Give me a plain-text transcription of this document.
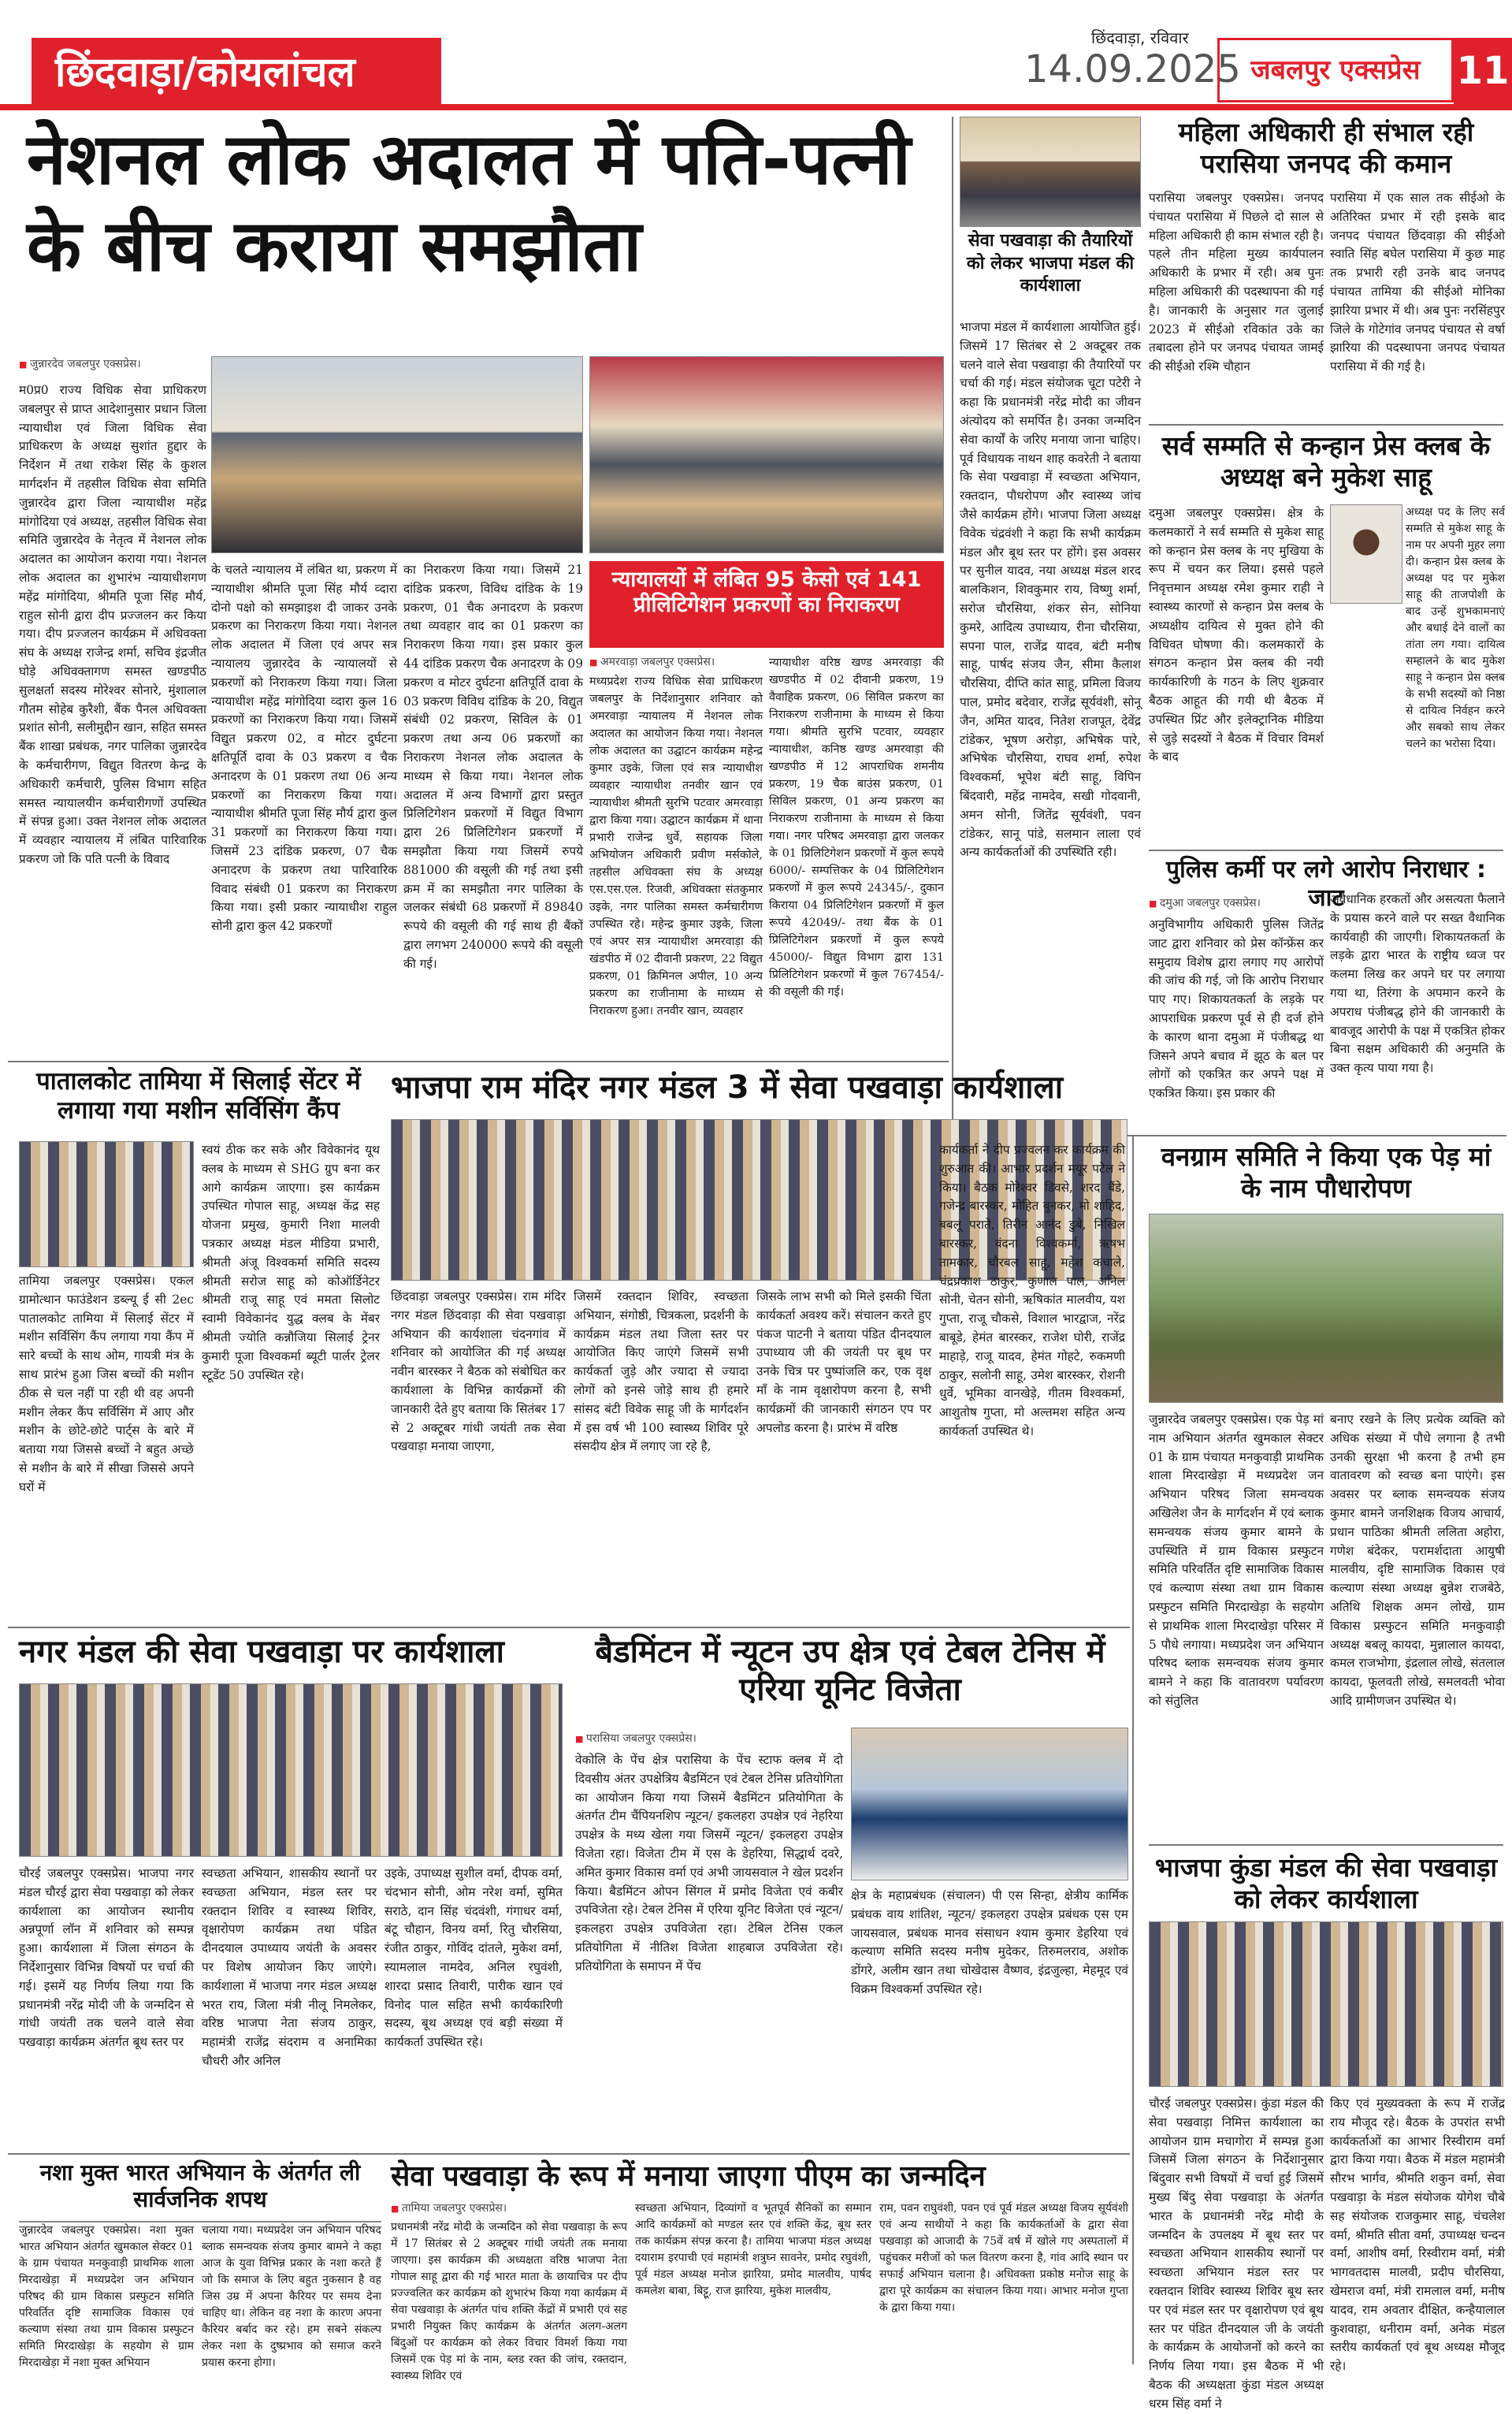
छिंदवाड़ा/कोयलांचल
छिंदवाड़ा, रविवार
14.09.2025 जबलपुर एक्सप्रेस 11
नेशनल लोक अदालत में पति-पत्नी के बीच कराया समझौता
■ जुन्नारदेव जबलपुर एक्सप्रेस।
म0प्र0 राज्य विधिक सेवा प्राधिकरण जबलपुर से प्राप्त आदेशानुसार प्रधान जिला न्यायाधीश एवं जिला विधिक सेवा प्राधिकरण के अध्यक्ष सुशांत हुद्दार के निर्देशन में तथा राकेश सिंह के कुशल मार्गदर्शन में तहसील विधिक सेवा समिति जुन्नारदेव द्वारा जिला न्यायाधीश महेंद्र मांगोदिया एवं अध्यक्ष, तहसील विधिक सेवा समिति जुन्नारदेव के नेतृत्व में नेशनल लोक अदालत का आयोजन कराया गया। नेशनल लोक अदालत का शुभारंभ न्यायाधीशगण महेंद्र मांगोदिया, श्रीमति पूजा सिंह मौर्य, राहुल सोनी द्वारा दीप प्रज्जलन कर किया गया। दीप प्रज्जलन कार्यक्रम में अधिवक्ता संघ के अध्यक्ष राजेन्द्र शर्मा, सचिव इंद्रजीत घोड़े अधिवक्तागण समस्त खण्डपीठ सुलक्षर्ता सदस्य मोरेश्वर सोनारे, मुंशालाल गौतम सोहेब कुरैशी, बैंक पैनल अधिवक्ता प्रशांत सोनी, सलीमुद्दीन खान, सहित समस्त बैंक शाखा प्रबंधक, नगर पालिका जुन्नारदेव के कर्मचारीगण, विद्युत वितरण केन्द्र के अधिकारी कर्मचारी, पुलिस विभाग सहित समस्त न्यायालयीन कर्मचारीगणों उपस्थित में संपन्न हुआ। उक्त नेशनल लोक अदालत में व्यवहार न्यायालय में लंबित पारिवारिक प्रकरण जो कि पति पत्नी के विवाद
के चलते न्यायालय में लंबित था, प्रकरण में न्यायाधीश श्रीमति पूजा सिंह मौर्य व्दारा दोनो पक्षो को समझाइश दी जाकर उनके प्रकरण का निराकरण किया गया। नेशनल लोक अदालत में जिला एवं अपर सत्र न्यायालय जुन्नारदेव के न्यायालयों से प्रकरणों को निराकरण किया गया। जिला न्यायाधीश महेंद्र मांगोदिया व्दारा कुल 16 प्रकरणों का निराकरण किया गया। जिसमें विद्युत प्रकरण 02, व मोटर दुर्घटना क्षतिपूर्ति दावा के 03 प्रकरण व चैक अनादरण के 01 प्रकरण तथा 06 अन्य प्रकरणों का निराकरण किया गया। न्यायाधीश श्रीमति पूजा सिंह मौर्य द्वारा कुल 31 प्रकरणों का निराकरण किया गया। जिसमें 23 दांडिक प्रकरण, 07 चैक अनादरण के प्रकरण तथा पारिवारिक विवाद संबंधी 01 प्रकरण का निराकरण किया गया। इसी प्रकार न्यायाधीश राहुल सोनी द्वारा कुल 42 प्रकरणों
का निराकरण किया गया। जिसमें 21 दांडिक प्रकरण, विविध दांडिक के 19 प्रकरण, 01 चैक अनादरण के प्रकरण तथा व्यवहार वाद का 01 प्रकरण का निराकरण किया गया। इस प्रकार कुल 44 दांडिक प्रकरण चैक अनादरण के 09 प्रकरण व मोटर दुर्घटना क्षतिपूर्ति दावा के 03 प्रकरण विविध दांडिक के 20, विद्युत संबंधी 02 प्रकरण, सिविल के 01 प्रकरण तथा अन्य 06 प्रकरणों का निराकरण नेशनल लोक अदालत के माध्यम से किया गया। नेशनल लोक अदालत में अन्य विभागों द्वारा प्रस्तुत प्रिलिटिगेशन प्रकरणों में विद्युत विभाग द्वारा 26 प्रिलिटिगेशन प्रकरणों में समझौता किया गया जिसमें रुपये 881000 की वसूली की गई तथा इसी क्रम में का समझौता नगर पालिका के जलकर संबंधी 68 प्रकरणों में 89840 रूपये की वसूली की गई साथ ही बैंकों द्वारा लगभग 240000 रूपये की वसूली की गई।
न्यायालयों में लंबित 95 केसो एवं 141 प्रीलिटिगेशन प्रकरणों का निराकरण
■ अमरवाड़ा जबलपुर एक्सप्रेस।
मध्यप्रदेश राज्य विधिक सेवा प्राधिकरण जबलपुर के निर्देशानुसार शनिवार को अमरवाड़ा न्यायालय में नेशनल लोक अदालत का आयोजन किया गया। नेशनल लोक अदालत का उद्घाटन कार्यक्रम महेन्द्र कुमार उइके, जिला एवं सत्र न्यायाधीश व्यवहार न्यायाधीश तनवीर खान एवं न्यायाधीश श्रीमती सुरभि पटवार अमरवाड़ा द्वारा किया गया। उद्घाटन कार्यक्रम में थाना प्रभारी राजेन्द्र धुर्वे, सहायक जिला अभियोजन अधिकारी प्रवीण मर्सकोले, तहसील अधिवक्ता संघ के अध्यक्ष एस.एस.एल. रिजवी, अधिवक्ता संतकुमार उइके, नगर पालिका समस्त कर्मचारीगण उपस्थित रहे। महेन्द्र कुमार उइके, जिला एवं अपर सत्र न्यायाधीश अमरवाड़ा की खंडपीठ में 02 दीवानी प्रकरण, 22 विद्युत प्रकरण, 01 क्रिमिनल अपील, 10 अन्य प्रकरण का राजीनामा के माध्यम से निराकरण हुआ। तनवीर खान, व्यवहार
न्यायाधीश वरिष्ठ खण्ड अमरवाड़ा की खण्डपीठ में 02 दीवानी प्रकरण, 19 वैवाहिक प्रकरण, 06 सिविल प्रकरण का निराकरण राजीनामा के माध्यम से किया गया। श्रीमति सुरभि पटवार, व्यवहार न्यायाधीश, कनिष्ठ खण्ड अमरवाड़ा की खण्डपीठ में 12 आपराधिक शमनीय प्रकरण, 19 चैक बाउंस प्रकरण, 01 सिविल प्रकरण, 01 अन्य प्रकरण का निराकरण राजीनामा के माध्यम से किया गया। नगर परिषद अमरवाड़ा द्वारा जलकर के 01 प्रिलिटिगेशन प्रकरणों में कुल रूपये 6000/- सम्पत्तिकर के 04 प्रिलिटिगेशन प्रकरणों में कुल रूपये 24345/-, दुकान किराया 04 प्रिलिटिगेशन प्रकरणों में कुल रूपये 42049/- तथा बैंक के 01 प्रिलिटिगेशन प्रकरणों में कुल रूपये 45000/- विद्युत विभाग द्वारा 131 प्रिलिटिगेशन प्रकरणों में कुल 767454/- की वसूली की गई।
सेवा पखवाड़ा की तैयारियों को लेकर भाजपा मंडल की कार्यशाला
भाजपा मंडल में कार्यशाला आयोजित हुई। जिसमें 17 सितंबर से 2 अक्टूबर तक चलने वाले सेवा पखवाड़ा की तैयारियों पर चर्चा की गई। मंडल संयोजक चूटा पटेरी ने कहा कि प्रधानमंत्री नरेंद्र मोदी का जीवन अंत्योदय को समर्पित है। उनका जन्मदिन सेवा कार्यों के जरिए मनाया जाना चाहिए। पूर्व विधायक नाथन शाह कवरेती ने बताया कि सेवा पखवाड़ा में स्वच्छता अभियान, रक्तदान, पौधरोपण और स्वास्थ्य जांच जैसे कार्यक्रम होंगे। भाजपा जिला अध्यक्ष विवेक चंद्रवंशी ने कहा कि सभी कार्यक्रम मंडल और बूथ स्तर पर होंगे। इस अवसर पर सुनील यादव, नया अध्यक्ष मंडल शरद बालकिशन, शिवकुमार राय, विष्णु शर्मा, सरोज चौरसिया, शंकर सेन, सोनिया कुमरे, आदित्य उपाध्याय, रीना चौरसिया, सपना पाल, राजेंद्र यादव, बंटी मनीष साहू, पार्षद संजय जैन, सीमा कैलाश चौरसिया, दीप्ति कांत साहू, प्रमिला विजय पाल, प्रमोद बदेवार, राजेंद्र सूर्यवंशी, सोनू जैन, अमित यादव, नितेश राजपूत, देवेंद्र टांडेकर, भूषण अरोड़ा, अभिषेक पारे, अभिषेक चौरसिया, राघव शर्मा, रुपेश विश्वकर्मा, भूपेश बंटी साहू, विपिन बिंदवारी, महेंद्र नामदेव, सखी गोदवानी, अमन सोनी, जितेंद्र सूर्यवंशी, पवन टांडेकर, सानू पांडे, सलमान लाला एवं अन्य कार्यकर्ताओं की उपस्थिति रही।
महिला अधिकारी ही संभाल रही परासिया जनपद की कमान
परासिया जबलपुर एक्सप्रेस। जनपद पंचायत परासिया में पिछले दो साल से महिला अधिकारी ही काम संभाल रही है। पहले तीन महिला मुख्य कार्यपालन अधिकारी के प्रभार में रही। अब पुनः महिला अधिकारी की पदस्थापना की गई है। जानकारी के अनुसार गत जुलाई 2023 में सीईओ रविकांत उके का तबादला होने पर जनपद पंचायत जामई की सीईओ रश्मि चौहान
परासिया में एक साल तक सीईओ के अतिरिक्त प्रभार में रही इसके बाद जनपद पंचायत छिंदवाड़ा की सीईओ स्वाति सिंह बघेल परासिया में कुछ माह तक प्रभारी रही उनके बाद जनपद पंचायत तामिया की सीईओ मोनिका झारिया प्रभार में थी। अब पुनः नरसिंहपुर जिले के गोटेगांव जनपद पंचायत से वर्षा झारिया की पदस्थापना जनपद पंचायत परासिया में की गई है।
सर्व सम्मति से कन्हान प्रेस क्लब के अध्यक्ष बने मुकेश साहू
दमुआ जबलपुर एक्सप्रेस। क्षेत्र के कलमकारों ने सर्व सम्मति से मुकेश साहू को कन्हान प्रेस क्लब के नए मुखिया के रूप में चयन कर लिया। इससे पहले निवृत्तमान अध्यक्ष रमेश कुमार राही ने स्वास्थ्य कारणों से कन्हान प्रेस क्लब के अध्यक्षीय दायित्व से मुक्त होने की विधिवत घोषणा की। कलमकारों के संगठन कन्हान प्रेस क्लब की नयी कार्यकारिणी के गठन के लिए शुक्रवार बैठक आहूत की गयी थी बैठक में उपस्थित प्रिंट और इलेक्ट्रानिक मीडिया से जुड़े सदस्यों ने बैठक में विचार विमर्श के बाद
अध्यक्ष पद के लिए सर्व सम्मति से मुकेश साहू के नाम पर अपनी मुहर लगा दी। कन्हान प्रेस क्लब के अध्यक्ष पद पर मुकेश साहू की ताजपोशी के बाद उन्हें शुभकामनाएं और बधाई देने वालों का तांता लग गया। दायित्व सम्हालने के बाद मुकेश साहू ने कन्हान प्रेस क्लब के सभी सदस्यों को निष्ठा से दायित्व निर्वहन करने और सबको साथ लेकर चलने का भरोसा दिया।
पुलिस कर्मी पर लगे आरोप निराधार : जाट
■ दमुआ जबलपुर एक्सप्रेस।
अनुविभागीय अधिकारी पुलिस जितेंद्र जाट द्वारा शनिवार को प्रेस कॉन्फ्रेंस कर समुदाय विशेष द्वारा लगाए गए आरोपों की जांच की गई, जो कि आरोप निराधार पाए गए। शिकायतकर्ता के लड़के पर आपराधिक प्रकरण पूर्व से ही दर्ज होने के कारण थाना दमुआ में पंजीबद्ध था जिसने अपने बचाव में झूठ के बल पर लोगों को एकत्रित कर अपने पक्ष में एकत्रित किया। इस प्रकार की
अवैधानिक हरकतों और असत्यता फैलाने के प्रयास करने वाले पर सख्त वैधानिक कार्यवाही की जाएगी। शिकायतकर्ता के लड़के द्वारा भारत के राष्ट्रीय ध्वज पर कलमा लिख कर अपने घर पर लगाया गया था, तिरंगा के अपमान करने के अपराध पंजीबद्ध होने की जानकारी के बावजूद आरोपी के पक्ष में एकत्रित होकर बिना सक्षम अधिकारी की अनुमति के उक्त कृत्य पाया गया है।
पातालकोट तामिया में सिलाई सेंटर में लगाया गया मशीन सर्विसिंग कैंप
तामिया जबलपुर एक्सप्रेस। एकल ग्रामोत्थान फाउंडेशन डब्ल्यू ई सी 2ec पातालकोट तामिया में सिलाई सेंटर में मशीन सर्विसिंग कैंप लगाया गया कैंप में सारे बच्चों के साथ ओम, गायत्री मंत्र के साथ प्रारंभ हुआ जिस बच्चों की मशीन ठीक से चल नहीं पा रही थी वह अपनी मशीन लेकर कैंप सर्विसिंग में आए और मशीन के छोटे-छोटे पार्ट्स के बारे में बताया गया जिससे बच्चों ने बहुत अच्छे से मशीन के बारे में सीखा जिससे अपने घरों में
स्वयं ठीक कर सके और विवेकानंद यूथ क्लब के माध्यम से SHG ग्रुप बना कर आगे कार्यक्रम जाएगा। इस कार्यक्रम उपस्थित गोपाल साहू, अध्यक्ष केंद्र सह योजना प्रमुख, कुमारी निशा मालवी पत्रकार अध्यक्ष मंडल मीडिया प्रभारी, श्रीमती अंजू विश्वकर्मा समिति सदस्य श्रीमती सरोज साहू को कोऑर्डिनेटर श्रीमती राजू साहू एवं ममता सिलोट स्वामी विवेकानंद युद्ध क्लब के मेंबर श्रीमती ज्योति कन्नौजिया सिलाई ट्रेनर कुमारी पूजा विश्वकर्मा ब्यूटी पार्लर ट्रेलर स्टूडेंट 50 उपस्थित रहे।
भाजपा राम मंदिर नगर मंडल 3 में सेवा पखवाड़ा कार्यशाला
छिंदवाड़ा जबलपुर एक्सप्रेस। राम मंदिर नगर मंडल छिंदवाड़ा की सेवा पखवाड़ा अभियान की कार्यशाला चंदनगांव में शनिवार को आयोजित की गई अध्यक्ष नवीन बारस्कर ने बैठक को संबोधित कर कार्यशाला के विभिन्न कार्यक्रमों की जानकारी देते हुए बताया कि सितंबर 17 से 2 अक्टूबर गांधी जयंती तक सेवा पखवाड़ा मनाया जाएगा,
जिसमें रक्तदान शिविर, स्वच्छता अभियान, संगोष्ठी, चित्रकला, प्रदर्शनी के कार्यक्रम मंडल तथा जिला स्तर पर आयोजित किए जाएंगे जिसमें सभी कार्यकर्ता जुड़े और ज्यादा से ज्यादा लोगों को इनसे जोड़े साथ ही हमारे सांसद बंटी विवेक साहू जी के मार्गदर्शन में इस वर्ष भी 100 स्वास्थ्य शिविर पूरे संसदीय क्षेत्र में लगाए जा रहे है,
जिसके लाभ सभी को मिले इसकी चिंता कार्यकर्ता अवश्य करें। संचालन करते हुए पंकज पाटनी ने बताया पंडित दीनदयाल उपाध्याय जी की जयंती पर बूथ पर उनके चित्र पर पुष्पांजलि कर, एक वृक्ष माँ के नाम वृक्षारोपण करना है, सभी कार्यक्रमों की जानकारी संगठन एप पर अपलोड करना है। प्रारंभ में वरिष्ठ
कार्यकर्ता ने दीप प्रज्वलन कर कार्यक्रम की शुरुआत की। आभार प्रदर्शन मयूर पटेल ने किया। बैठक मोरेश्वर डिवसे, शरद बैंडे, गजेन्द्र बारस्कर, मोहित बुनकर, मो शाहिद, बबलू पराते, तिरीन आनंद डुबे, निखिल बारस्कर, वंदना विश्वकर्मा, ऋषभ तामकार, चौरबल साहू, महेश कचाले, चंद्रप्रकाश ठाकुर, कुणाल पाल, अनिल सोनी, चेतन सोनी, ऋषिकांत मालवीय, यश गुप्ता, राजू चौकसे, विशाल भारद्वाज, नरेंद्र बाबूडे, हेमंत बारस्कर, राजेश घोरी, राजेंद्र माहाड़े, राजू यादव, हेमंत गोहटे, रुकमणी ठाकुर, सलोनी साहू, उमेश बारस्कर, रोशनी धुर्वे, भूमिका वानखेड़े, गीतम विश्वकर्मा, आशुतोष गुप्ता, मो अल्तमश सहित अन्य कार्यकर्ता उपस्थित थे।
वनग्राम समिति ने किया एक पेड़ मां के नाम पौधारोपण
जुन्नारदेव जबलपुर एक्सप्रेस। एक पेड़ मां नाम अभियान अंतर्गत खुमकाल सेक्टर 01 के ग्राम पंचायत मनकुवाड़ी प्राथमिक शाला मिरदाखेड़ा में मध्यप्रदेश जन अभियान परिषद जिला समन्वयक अखिलेश जैन के मार्गदर्शन में एवं ब्लाक समन्वयक संजय कुमार बामने के उपस्थिति में ग्राम विकास प्रस्फुटन समिति परिवर्तित दृष्टि सामाजिक विकास एवं कल्याण संस्था तथा ग्राम विकास प्रस्फुटन समिति मिरदाखेड़ा के सहयोग से प्राथमिक शाला मिरदाखेड़ा परिसर में 5 पौधे लगाया। मध्यप्रदेश जन अभियान परिषद ब्लाक समन्वयक संजय कुमार बामने ने कहा कि वातावरण पर्यावरण को संतुलित
बनाए रखने के लिए प्रत्येक व्यक्ति को अधिक संख्या में पौधे लगाना है तभी उनकी सुरक्षा भी करना है तभी हम वातावरण को स्वच्छ बना पाएंगे। इस अवसर पर ब्लाक समन्वयक संजय कुमार बामने जनशिक्षक विजय आचार्य, प्रधान पाठिका श्रीमती ललिता अहोरा, गणेश बंदेकर, परामर्शदाता आयुषी मालवीय, दृष्टि सामाजिक विकास एवं कल्याण संस्था अध्यक्ष बुन्नेश राजबेठे, अतिथि शिक्षक अमन लोखे, ग्राम विकास प्रस्फुटन समिति मनकुवाड़ी अध्यक्ष बबलू कायदा, मुन्नालाल कायदा, कमल राजभोगा, इंद्रलाल लोखे, संतलाल कायदा, फूलवती लोखे, समलवती भोवा आदि ग्रामीणजन उपस्थित थे।
नगर मंडल की सेवा पखवाड़ा पर कार्यशाला
चौरई जबलपुर एक्सप्रेस। भाजपा नगर मंडल चौरई द्वारा सेवा पखवाड़ा को लेकर कार्यशाला का आयोजन स्थानीय अन्नपूर्णा लॉन में शनिवार को सम्पन्न हुआ। कार्यशाला में जिला संगठन के निर्देशानुसार विभिन्न विषयों पर चर्चा की गई। इसमें यह निर्णय लिया गया कि प्रधानमंत्री नरेंद्र मोदी जी के जन्मदिन से गांधी जयंती तक चलने वाले सेवा पखवाड़ा कार्यक्रम अंतर्गत बूथ स्तर पर
स्वच्छता अभियान, शासकीय स्थानों पर स्वच्छता अभियान, मंडल स्तर पर रक्तदान शिविर व स्वास्थ्य शिविर, वृक्षारोपण कार्यक्रम तथा पंडित दीनदयाल उपाध्याय जयंती के अवसर पर विशेष आयोजन किए जाएंगे। कार्यशाला में भाजपा नगर मंडल अध्यक्ष भरत राय, जिला मंत्री नीलू निमलेकर, वरिष्ठ भाजपा नेता संजय ठाकुर, महामंत्री राजेंद्र संदराम व अनामिका चौधरी और अनिल
उइके, उपाध्यक्ष सुशील वर्मा, दीपक वर्मा, चंदभान सोनी, ओम नरेश वर्मा, सुमित सराठे, दान सिंह चंदवंशी, गंगाधर वर्मा, बंटू चौहान, विनय वर्मा, रितु चौरसिया, रंजीत ठाकुर, गोविंद दांतले, मुकेश वर्मा, स्यामलाल नामदेव, अनिल रघुवंशी, शारदा प्रसाद तिवारी, पारीक खान एवं विनोद पाल सहित सभी कार्यकारिणी सदस्य, बूथ अध्यक्ष एवं बड़ी संख्या में कार्यकर्ता उपस्थित रहे।
बैडमिंटन में न्यूटन उप क्षेत्र एवं टेबल टेनिस में एरिया यूनिट विजेता
■ परासिया जबलपुर एक्सप्रेस।
वेकोलि के पेंच क्षेत्र परासिया के पेंच स्टाफ क्लब में दो दिवसीय अंतर उपक्षेत्रिय बैडमिंटन एवं टेबल टेनिस प्रतियोगिता का आयोजन किया गया जिसमें बैडमिंटन प्रतियोगिता के अंतर्गत टीम चैंपियनशिप न्यूटन/ इकलहरा उपक्षेत्र एवं नेहरिया उपक्षेत्र के मध्य खेला गया जिसमें न्यूटन/ इकलहरा उपक्षेत्र विजेता रहा। विजेता टीम में एस के डेहरिया, सिद्धार्थ दवरे, अमित कुमार विकास वर्मा एवं अभी जायसवाल ने खेल प्रदर्शन किया। बैडमिंटन ओपन सिंगल में प्रमोद विजेता एवं कबीर उपविजेता रहे। टेबल टेनिस में एरिया यूनिट विजेता एवं न्यूटन/ इकलहरा उपक्षेत्र उपविजेता रहा। टेबिल टेनिस एकल प्रतियोगिता में नीतिश विजेता शाहबाज उपविजेता रहे। प्रतियोगिता के समापन में पेंच
क्षेत्र के महाप्रबंधक (संचालन) पी एस सिन्हा, क्षेत्रीय कार्मिक प्रबंधक वाय शांतिश, न्यूटन/ इकलहरा उपक्षेत्र प्रबंधक एस एम जायसवाल, प्रबंधक मानव संसाधन श्याम कुमार डेहरिया एवं कल्याण समिति सदस्य मनीष मुदेकर, तिरुमलराव, अशोक डोंगरे, अलीम खान तथा चोखेदास वैष्णव, इंद्रजुल्हा, मेहमूद एवं विक्रम विश्वकर्मा उपस्थित रहे।
भाजपा कुंडा मंडल की सेवा पखवाड़ा को लेकर कार्यशाला
चौरई जबलपुर एक्सप्रेस। कुंडा मंडल की सेवा पखवाड़ा निमित्त कार्यशाला का आयोजन ग्राम मचागोरा में सम्पन्न हुआ जिसमें जिला संगठन के निर्देशानुसार बिंदुवार सभी विषयों में चर्चा हुई जिसमें मुख्य बिंदु सेवा पखवाड़ा के अंतर्गत भारत के प्रधानमंत्री नरेंद्र मोदी के जन्मदिन के उपलक्ष्य में बूथ स्तर पर स्वच्छता अभियान शासकीय स्थानों पर स्वच्छता अभियान मंडल स्तर पर रक्तदान शिविर स्वास्थ्य शिविर बूथ स्तर पर एवं मंडल स्तर पर वृक्षारोपण एवं बूथ स्तर पर पंडित दीनदयाल जी के जयंती के कार्यक्रम के आयोजनों को करने का निर्णय लिया गया। इस बैठक में भी बैठक की अध्यक्षता कुंडा मंडल अध्यक्ष धरम सिंह वर्मा ने
किए एवं मुख्यवक्ता के रूप में राजेंद्र राय मौजूद रहे। बैठक के उपरांत सभी कार्यकर्ताओं का आभार रिस्वीराम वर्मा द्वारा किया गया। बैठक में मंडल महामंत्री सौरभ भार्गव, श्रीमति शकुन वर्मा, सेवा पखवाड़ा के मंडल संयोजक योगेश चौबे सह संयोजक राजकुमार साहू, चंचलेश वर्मा, श्रीमति सीता वर्मा, उपाध्यक्ष चन्दन वर्मा, आशीष वर्मा, रिस्वीराम वर्मा, मंत्री भागवतदास मालवी, प्रदीप चौरसिया, खेमराज वर्मा, मंत्री रामलाल वर्मा, मनीष यादव, राम अवतार दीक्षित, कन्हैयालाल कुशवाहा, धनीराम वर्मा, अनेक मंडल स्तरीय कार्यकर्ता एवं बूथ अध्यक्ष मौजूद रहे।
नशा मुक्त भारत अभियान के अंतर्गत ली सार्वजनिक शपथ
जुन्नारदेव जबलपुर एक्सप्रेस। नशा मुक्त भारत अभियान अंतर्गत खुमकाल सेक्टर 01 के ग्राम पंचायत मनकुवाड़ी प्राथमिक शाला मिरदाखेड़ा में मध्यप्रदेश जन अभियान परिषद की ग्राम विकास प्रस्फुटन समिति परिवर्तित दृष्टि सामाजिक विकास एवं कल्याण संस्था तथा ग्राम विकास प्रस्फुटन समिति मिरदाखेड़ा के सहयोग से ग्राम मिरदाखेड़ा में नशा मुक्त अभियान
चलाया गया। मध्यप्रदेश जन अभियान परिषद ब्लाक समन्वयक संजय कुमार बामने ने कहा आज के युवा विभिन्न प्रकार के नशा करते हैं जो कि समाज के लिए बहुत नुकसान है वह जिस उम्र में अपना कैरियर पर समय देना चाहिए था। लेकिन वह नशा के कारण अपना कैरियर बर्बाद कर रहे। हम सबने संकल्प लेकर नशा के दुष्प्रभाव को समाज करने प्रयास करना होगा।
सेवा पखवाड़ा के रूप में मनाया जाएगा पीएम का जन्मदिन
■ तामिया जबलपुर एक्सप्रेस।
प्रधानमंत्री नरेंद्र मोदी के जन्मदिन को सेवा पखवाड़ा के रूप में 17 सितंबर से 2 अक्टूबर गांधी जयंती तक मनाया जाएगा। इस कार्यक्रम की अध्यक्षता वरिष्ठ भाजपा नेता गोपाल साहू द्वारा की गई भारत माता के छायाचित्र पर दीप प्रज्ज्वलित कर कार्यक्रम को शुभारंभ किया गया कार्यक्रम में सेवा पखवाड़ा के अंतर्गत पांच शक्ति केंद्रों में प्रभारी एवं सह प्रभारी नियुक्त किए कार्यक्रम के अंतर्गत अलग-अलग बिंदुओं पर कार्यक्रम को लेकर विचार विमर्श किया गया जिसमें एक पेड़ मां के नाम, ब्लड रक्त की जांच, रक्तदान, स्वास्थ्य शिविर एवं
स्वच्छता अभियान, दिव्यांगों व भूतपूर्व सैनिकों का सम्मान आदि कार्यक्रमों को मण्डल स्तर एवं शक्ति केंद्र, बूथ स्तर तक कार्यक्रम संपन्न करना है। तामिया भाजपा मंडल अध्यक्ष दयाराम इरपाची एवं महामंत्री शत्रुघ्न सावनेर, प्रमोद रघुवंशी, पूर्व मंडल अध्यक्ष मनोज झारिया, प्रमोद मालवीय, पार्षद कमलेश बाबा, बिट्टू, राज झारिया, मुकेश मालवीय,
राम, पवन राघुवंशी, पवन एवं पूर्व मंडल अध्यक्ष विजय सूर्यवंशी एवं अन्य साथीयों ने कहा कि कार्यकर्ताओं के द्वारा सेवा पखवाड़ा को आजादी के 75वें वर्ष में खोले गए अस्पतालों में पहुंचकर मरीजों को फल वितरण करना है, गांव आदि स्थान पर सफाई अभियान चलाना है। अधिवक्ता प्रकोष्ठ मनोज साहू के द्वारा पूरे कार्यक्रम का संचालन किया गया। आभार मनोज गुप्ता के द्वारा किया गया।
